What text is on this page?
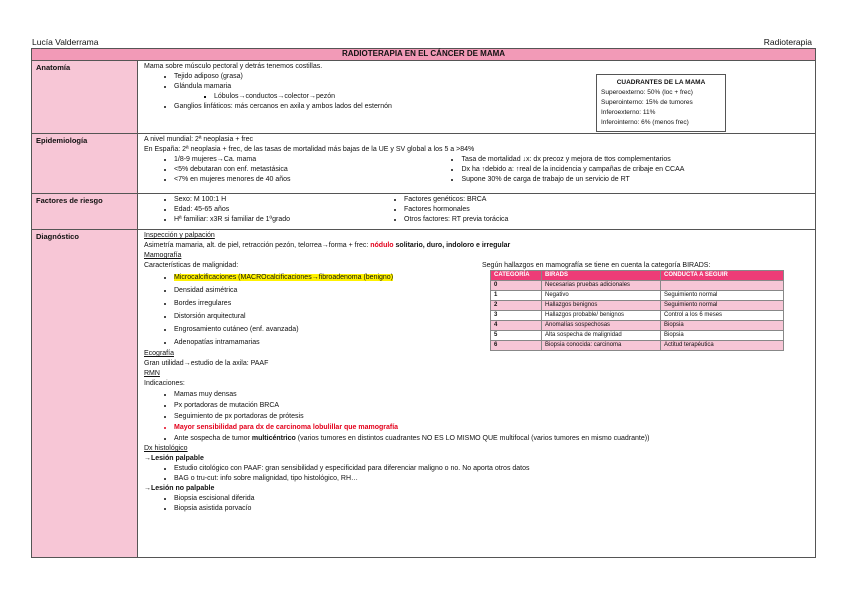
Lucía Valderrama	Radioterapia
RADIOTERAPIA EN EL CÁNCER DE MAMA
Anatomía	Mama sobre músculo pectoral y detrás tenemos costillas.
• Tejido adiposo (grasa)
• Glándula mamaria
▪ Lóbulos→conductos→colector→pezón
• Ganglios linfáticos: más cercanos en axila y ambos lados del esternón
CUADRANTES DE LA MAMA
Superoexterno: 50% (loc + frec)
Superointerno: 15% de tumores
Inferoexterno: 11%
Inferointerno: 6% (menos frec)

Epidemiología	A nivel mundial: 2ª neoplasia + frec
En España: 2ª neoplasia + frec, de las tasas de mortalidad más bajas de la UE y SV global a los 5 a >84%
• 1/8-9 mujeres→Ca. mama
• <5% debutaran con enf. metastásica
• <7% en mujeres menores de 40 años
• Tasa de mortalidad ↓x: dx precoz y mejora de ttos complementarios
• Dx ha ↑debido a: ↑real de la incidencia y campañas de cribaje en CCAA
• Supone 30% de carga de trabajo de un servicio de RT

Factores de riesgo	
•Sexo: M 100:1 H
• Edad: 45-65 años
• Hª familiar: x3R si familiar de 1ºgrado
• Factores genéticos: BRCA
• Factores hormonales
• Otros factores: RT previa torácica

Diagnóstico	Inspección y palpación
Asimetría mamaria, alt. de piel, retracción pezón, telorrea→forma + frec: nódulo solitario, duro, indoloro e irregular
Mamografía
Características de malignidad:
• Microcalcificaciones (MACROcalcificaciones→fibroadenoma (benigno)
• Densidad asimétrica
• Bordes irregulares
• Distorsión arquitectural
• Engrosamiento cutáneo (enf. avanzada)
• Adenopatías intramamarias
Ecografía
Gran utilidad→estudio de la axila: PAAF
RMN
Indicaciones:
• Mamas muy densas
• Px portadoras de mutación BRCA
• Seguimiento de px portadoras de prótesis
• Mayor sensibilidad para dx de carcinoma lobulillar que mamografía
• Ante sospecha de tumor multicéntrico (varios tumores en distintos cuadrantes NO ES LO MISMO QUE multifocal (varios tumores en mismo cuadrante))
Dx histológico
→Lesión palpable
• Estudio citológico con PAAF: gran sensibilidad y especificidad para diferenciar maligno o no. No aporta otros datos
• BAG o tru-cut: info sobre malignidad, tipo histológico, RH…
→Lesión no palpable
• Biopsia escisional diferida
• Biopsia asistida porvacío
Según hallazgos en mamografía se tiene en cuenta la categoría BIRADS:
CATEGORÍA	BIRADS	CONDUCTA A SEGUIR
0	Necesarias pruebas adicionales	
1	Negativo	Seguimiento normal
2	Hallazgos benignos	Seguimiento normal
3	Hallazgos probable/ benignos	Control a los 6 meses
4	Anomalías sospechosas	Biopsia
5	Alta sospecha de malignidad	Biopsia
6	Biopsia conocida: carcinoma	Actitud terapéutica
